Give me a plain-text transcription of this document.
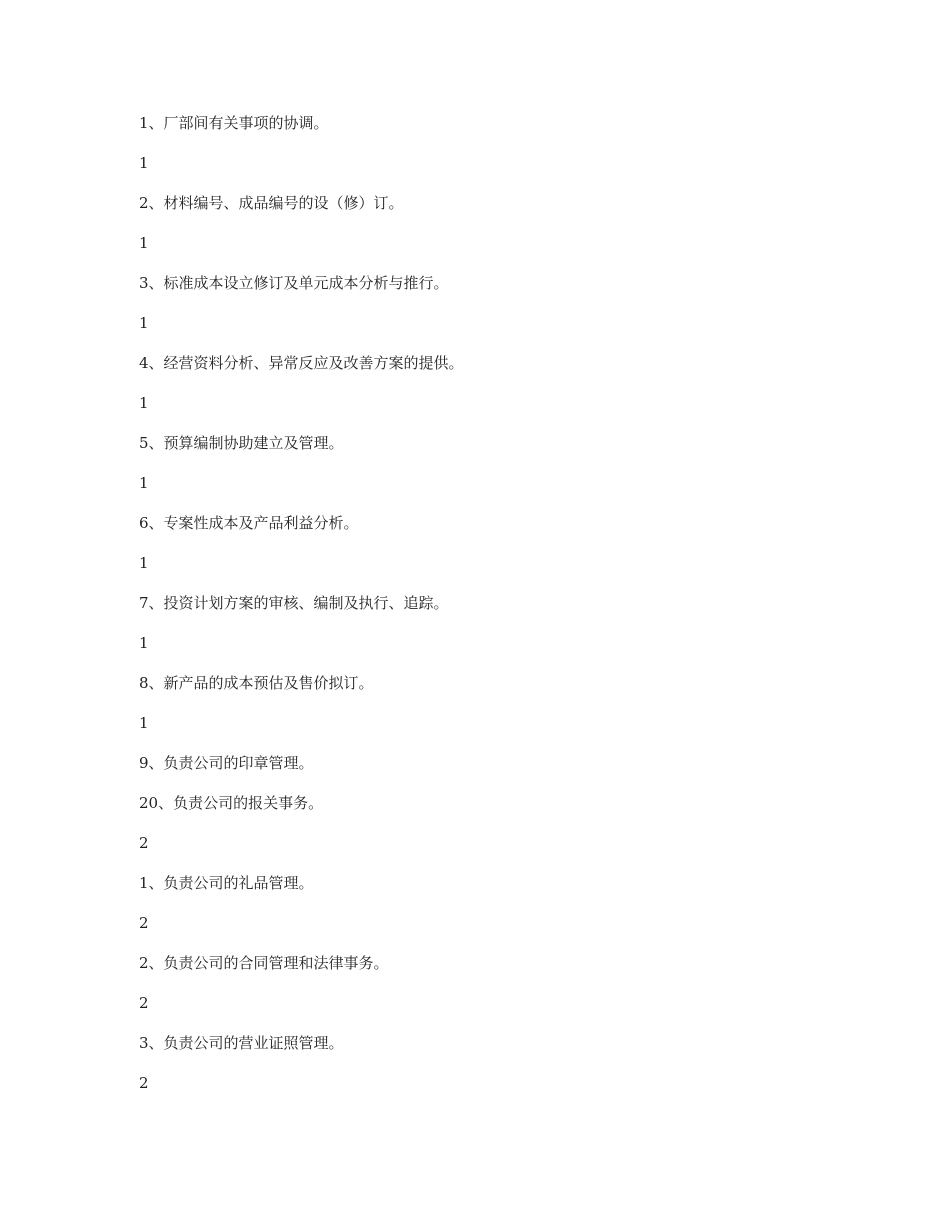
1、厂部间有关事项的协调。
1
2、材料编号、成品编号的设（修）订。
1
3、标准成本设立修订及单元成本分析与推行。
1
4、经营资料分析、异常反应及改善方案的提供。
1
5、预算编制协助建立及管理。
1
6、专案性成本及产品利益分析。
1
7、投资计划方案的审核、编制及执行、追踪。
1
8、新产品的成本预估及售价拟订。
1
9、负责公司的印章管理。
20、负责公司的报关事务。
2
1、负责公司的礼品管理。
2
2、负责公司的合同管理和法律事务。
2
3、负责公司的营业证照管理。
2
